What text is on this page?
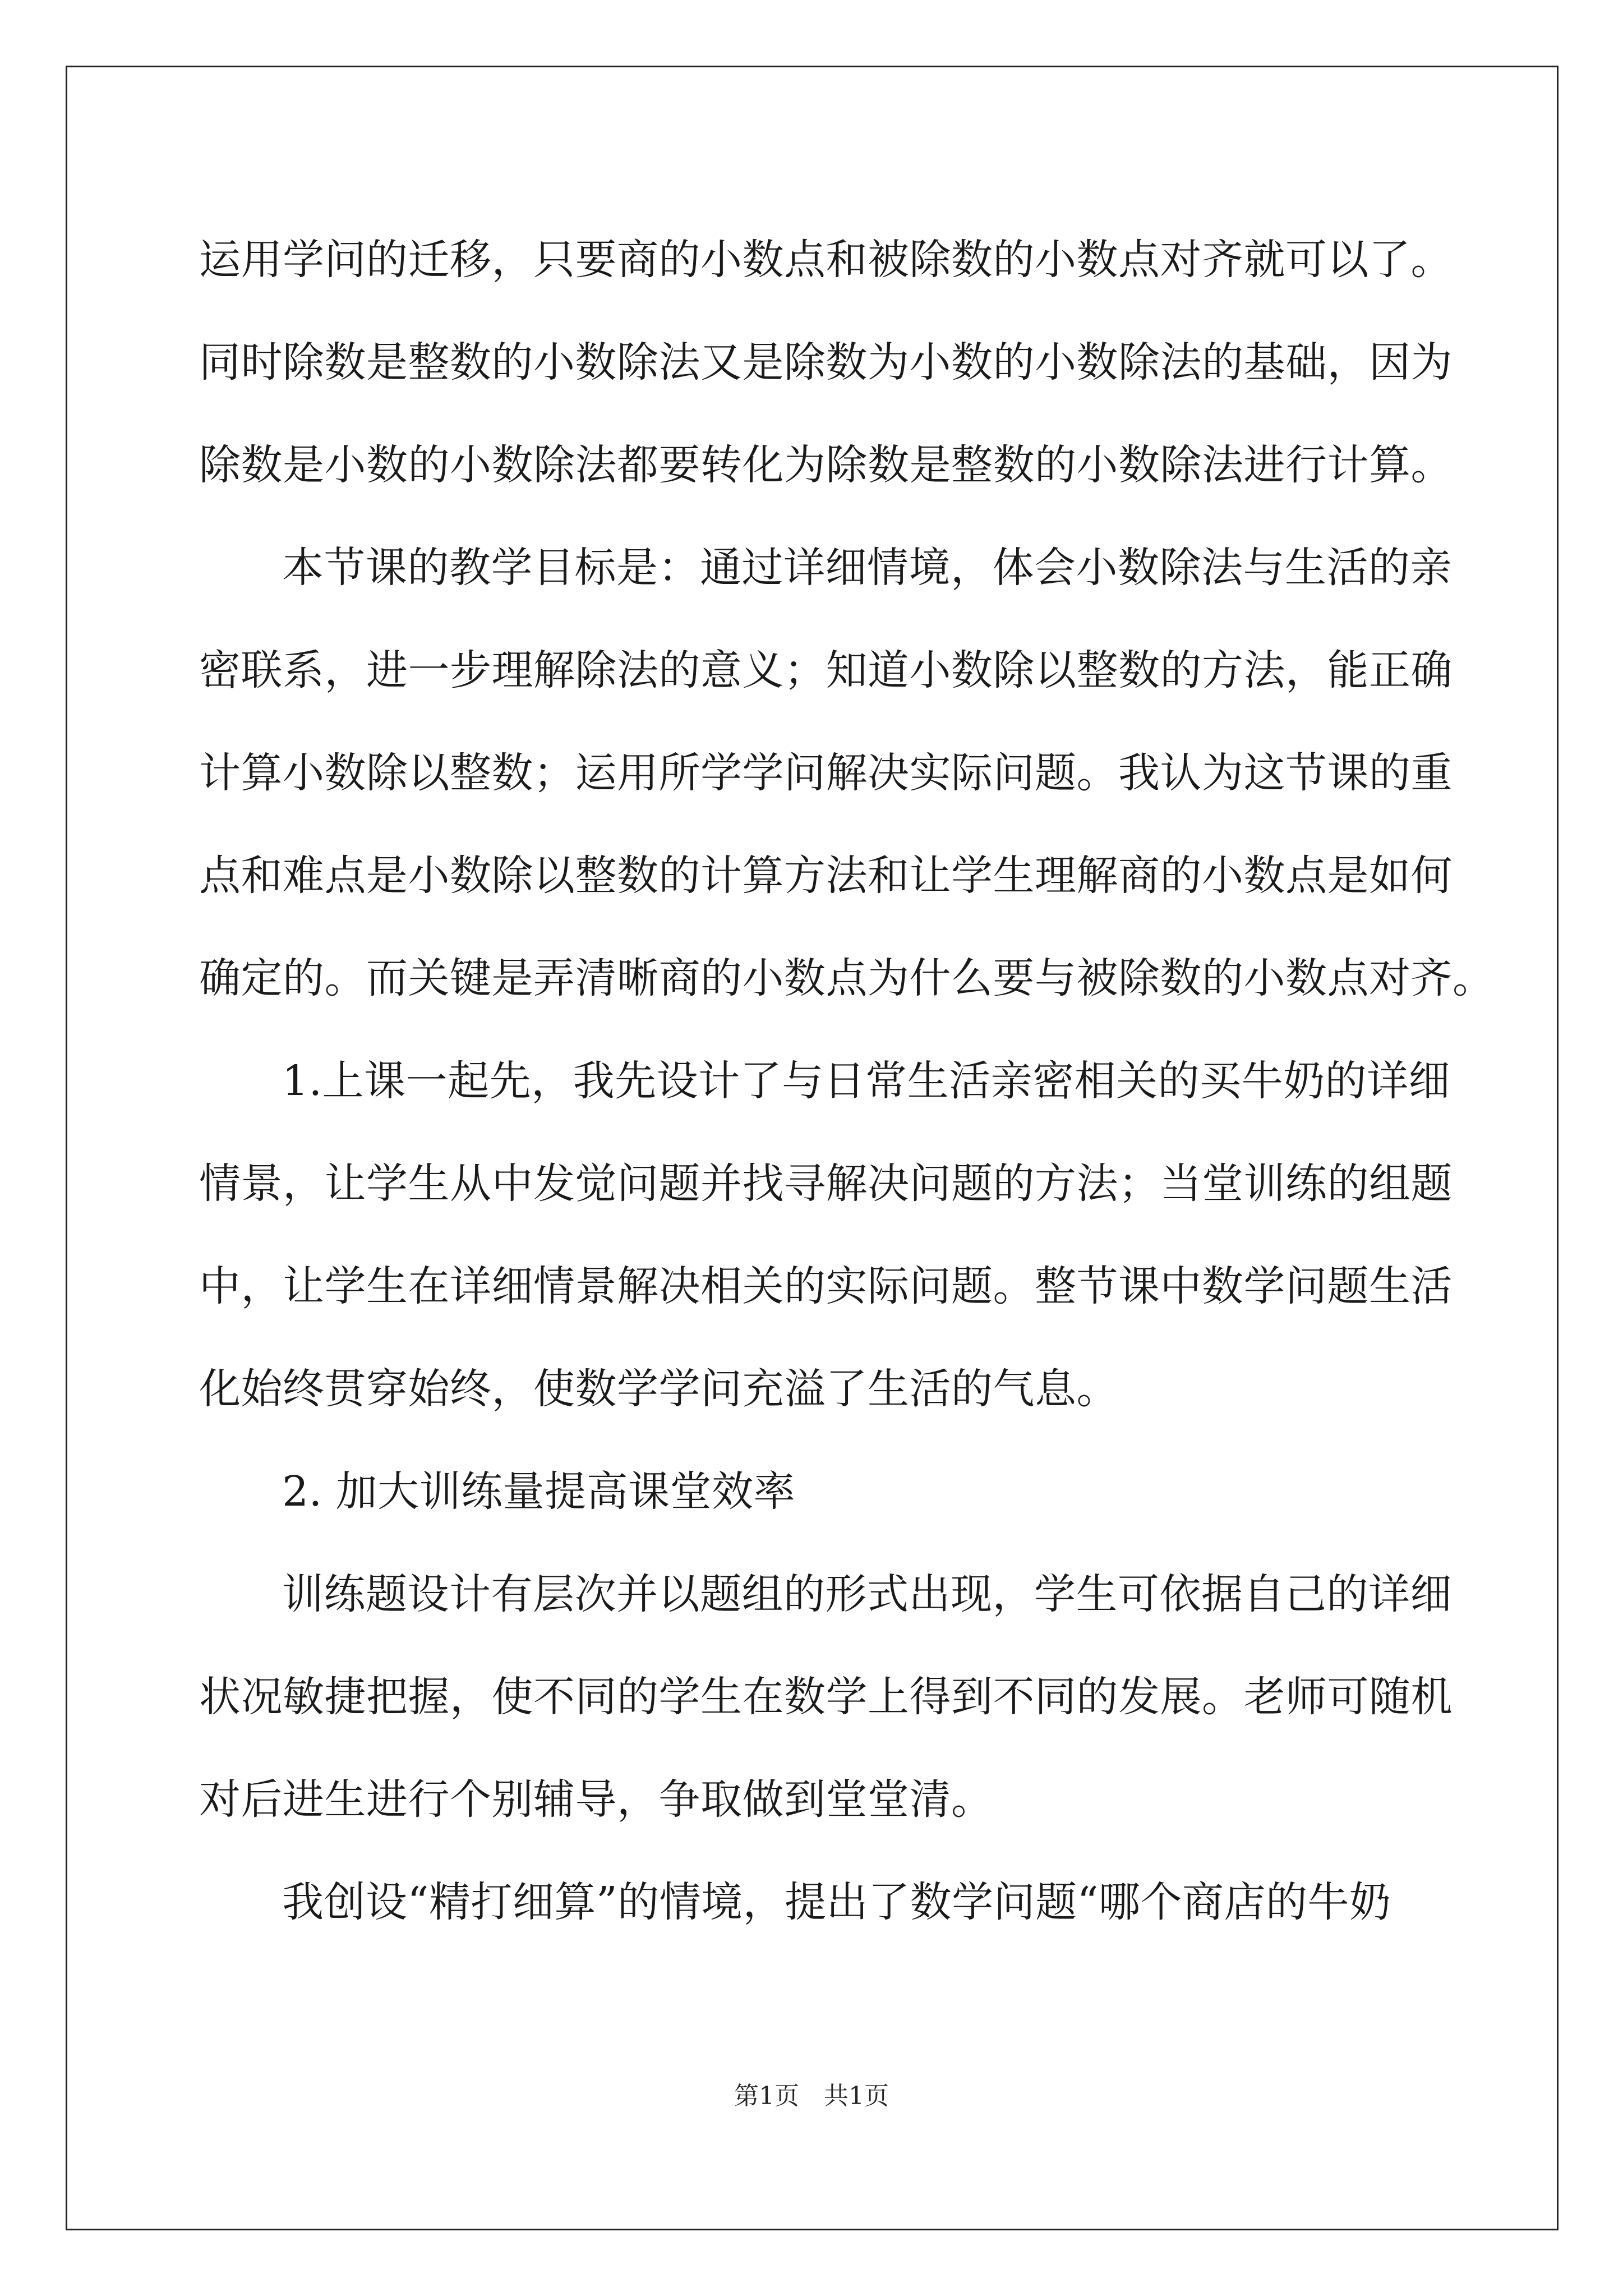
运用学问的迁移，只要商的小数点和被除数的小数点对齐就可以了。
同时除数是整数的小数除法又是除数为小数的小数除法的基础，因为
除数是小数的小数除法都要转化为除数是整数的小数除法进行计算。
本节课的教学目标是：通过详细情境，体会小数除法与生活的亲
密联系，进一步理解除法的意义；知道小数除以整数的方法，能正确
计算小数除以整数；运用所学学问解决实际问题。我认为这节课的重
点和难点是小数除以整数的计算方法和让学生理解商的小数点是如何
确定的。而关键是弄清晰商的小数点为什么要与被除数的小数点对齐。
1.上课一起先，我先设计了与日常生活亲密相关的买牛奶的详细
情景，让学生从中发觉问题并找寻解决问题的方法；当堂训练的组题
中，让学生在详细情景解决相关的实际问题。整节课中数学问题生活
化始终贯穿始终，使数学学问充溢了生活的气息。
2. 加大训练量提高课堂效率
训练题设计有层次并以题组的形式出现，学生可依据自己的详细
状况敏捷把握，使不同的学生在数学上得到不同的发展。老师可随机
对后进生进行个别辅导，争取做到堂堂清。
我创设“精打细算”的情境，提出了数学问题“哪个商店的牛奶
第1页　共1页
